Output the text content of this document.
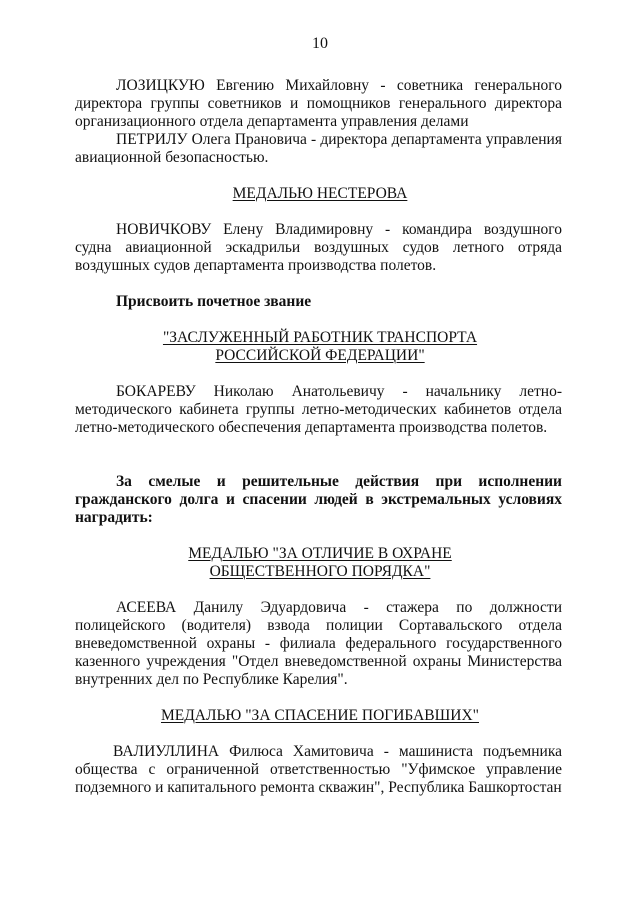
10
ЛОЗИЦКУЮ Евгению Михайловну - советника генерального директора группы советников и помощников генерального директора организационного отдела департамента управления делами
ПЕТРИЛУ Олега Прановича - директора департамента управления авиационной безопасностью.
МЕДАЛЬЮ НЕСТЕРОВА
НОВИЧКОВУ Елену Владимировну - командира воздушного судна авиационной эскадрильи воздушных судов летного отряда воздушных судов департамента производства полетов.
Присвоить почетное звание
"ЗАСЛУЖЕННЫЙ РАБОТНИК ТРАНСПОРТА
РОССИЙСКОЙ ФЕДЕРАЦИИ"
БОКАРЕВУ Николаю Анатольевичу - начальнику летно-методического кабинета группы летно-методических кабинетов отдела летно-методического обеспечения департамента производства полетов.
За смелые и решительные действия при исполнении гражданского долга и спасении людей в экстремальных условиях наградить:
МЕДАЛЬЮ "ЗА ОТЛИЧИЕ В ОХРАНЕ
ОБЩЕСТВЕННОГО ПОРЯДКА"
АСЕЕВА Данилу Эдуардовича - стажера по должности полицейского (водителя) взвода полиции Сортавальского отдела вневедомственной охраны - филиала федерального государственного казенного учреждения "Отдел вневедомственной охраны Министерства внутренних дел по Республике Карелия".
МЕДАЛЬЮ "ЗА СПАСЕНИЕ ПОГИБАВШИХ"
ВАЛИУЛЛИНА Филюса Хамитовича - машиниста подъемника общества с ограниченной ответственностью "Уфимское управление подземного и капитального ремонта скважин", Республика Башкортостан
